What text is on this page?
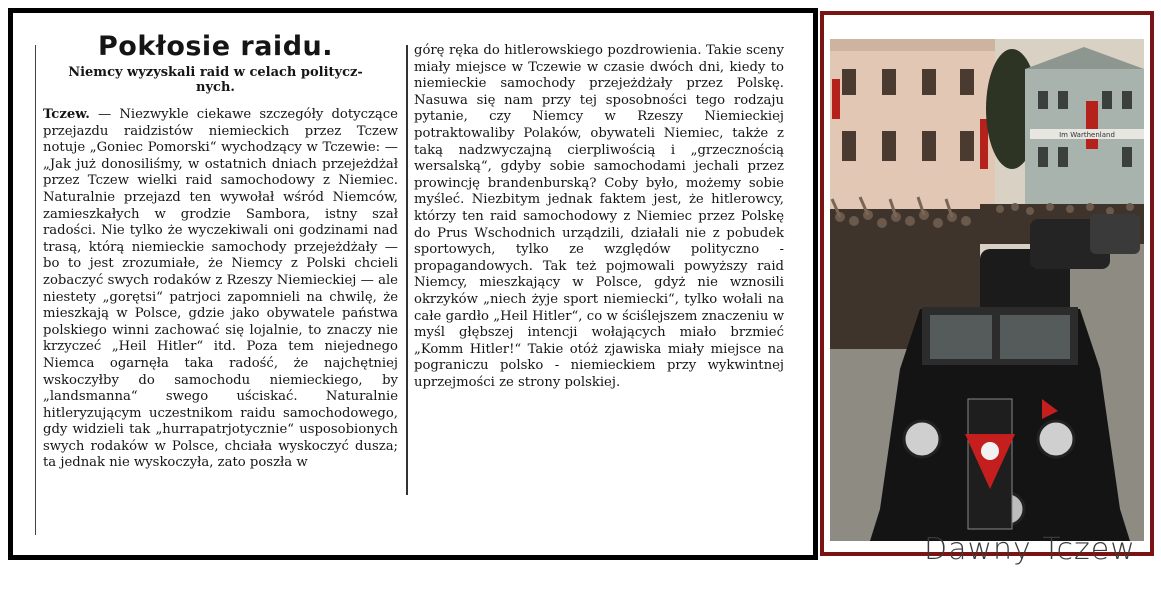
Pokłosie raidu.
Niemcy wyzyskali raid w celach politycz- nych.

Tczew. — Niezwykle ciekawe szczegóły dotyczące przejazdu raidzistów niemieckich przez Tczew notuje „Goniec Pomorski“ wychodzący w Tczewie: — „Jak już donosiliśmy, w ostatnich dniach przejeżdżał przez Tczew wielki raid samochodowy z Niemiec. Naturalnie przejazd ten wywołał wśród Niemców, zamieszkałych w grodzie Sambora, istny szał radości. Nie tylko że wyczekiwali oni godzinami nad trasą, którą niemieckie samochody przejeżdżały — bo to jest zrozumiałe, że Niemcy z Polski chcieli zobaczyć swych rodaków z Rzeszy Niemieckiej — ale niestety „gorętsi“ patrjoci zapomnieli na chwilę, że mieszkają w Polsce, gdzie jako obywatele państwa polskiego winni zachować się lojalnie, to znaczy nie krzyczeć „Heil Hitler“ itd. Poza tem niejednego Niemca ogarnęła taka radość, że najchętniej wskoczyłby do samochodu niemieckiego, by „landsmanna“ swego uściskać. Naturalnie hitleryzującym uczestnikom raidu samochodowego, gdy widzieli tak „hurrapatrjotycznie“ usposobionych swych rodaków w Polsce, chciała wyskoczyć dusza; ta jednak nie wyskoczyła, zato poszła w

górę ręka do hitlerowskiego pozdrowienia. Takie sceny miały miejsce w Tczewie w czasie dwóch dni, kiedy to niemieckie samochody przejeżdżały przez Polskę. Nasuwa się nam przy tej sposobności tego rodzaju pytanie, czy Niemcy w Rzeszy Niemieckiej potraktowaliby Polaków, obywateli Niemiec, także z taką nadzwyczajną cierpliwością i „grzecznością wersalską“, gdyby sobie samochodami jechali przez prowincję brandenburską? Coby było, możemy sobie myśleć. Niezbitym jednak faktem jest, że hitlerowcy, którzy ten raid samochodowy z Niemiec przez Polskę do Prus Wschodnich urządzili, działali nie z pobudek sportowych, tylko ze względów polityczno - propagandowych. Tak też pojmowali powyższy raid Niemcy, mieszkający w Polsce, gdyż nie wznosili okrzyków „niech żyje sport niemiecki“, tylko wołali na całe gardło „Heil Hitler“, co w ściślejszem znaczeniu w myśl głębszej intencji wołających miało brzmieć „Komm Hitler!“ Takie otóż zjawiska miały miejsce na pograniczu polsko - niemieckiem przy wykwintnej uprzejmości ze strony polskiej.

Im Warthenland
Dawny Tczew
